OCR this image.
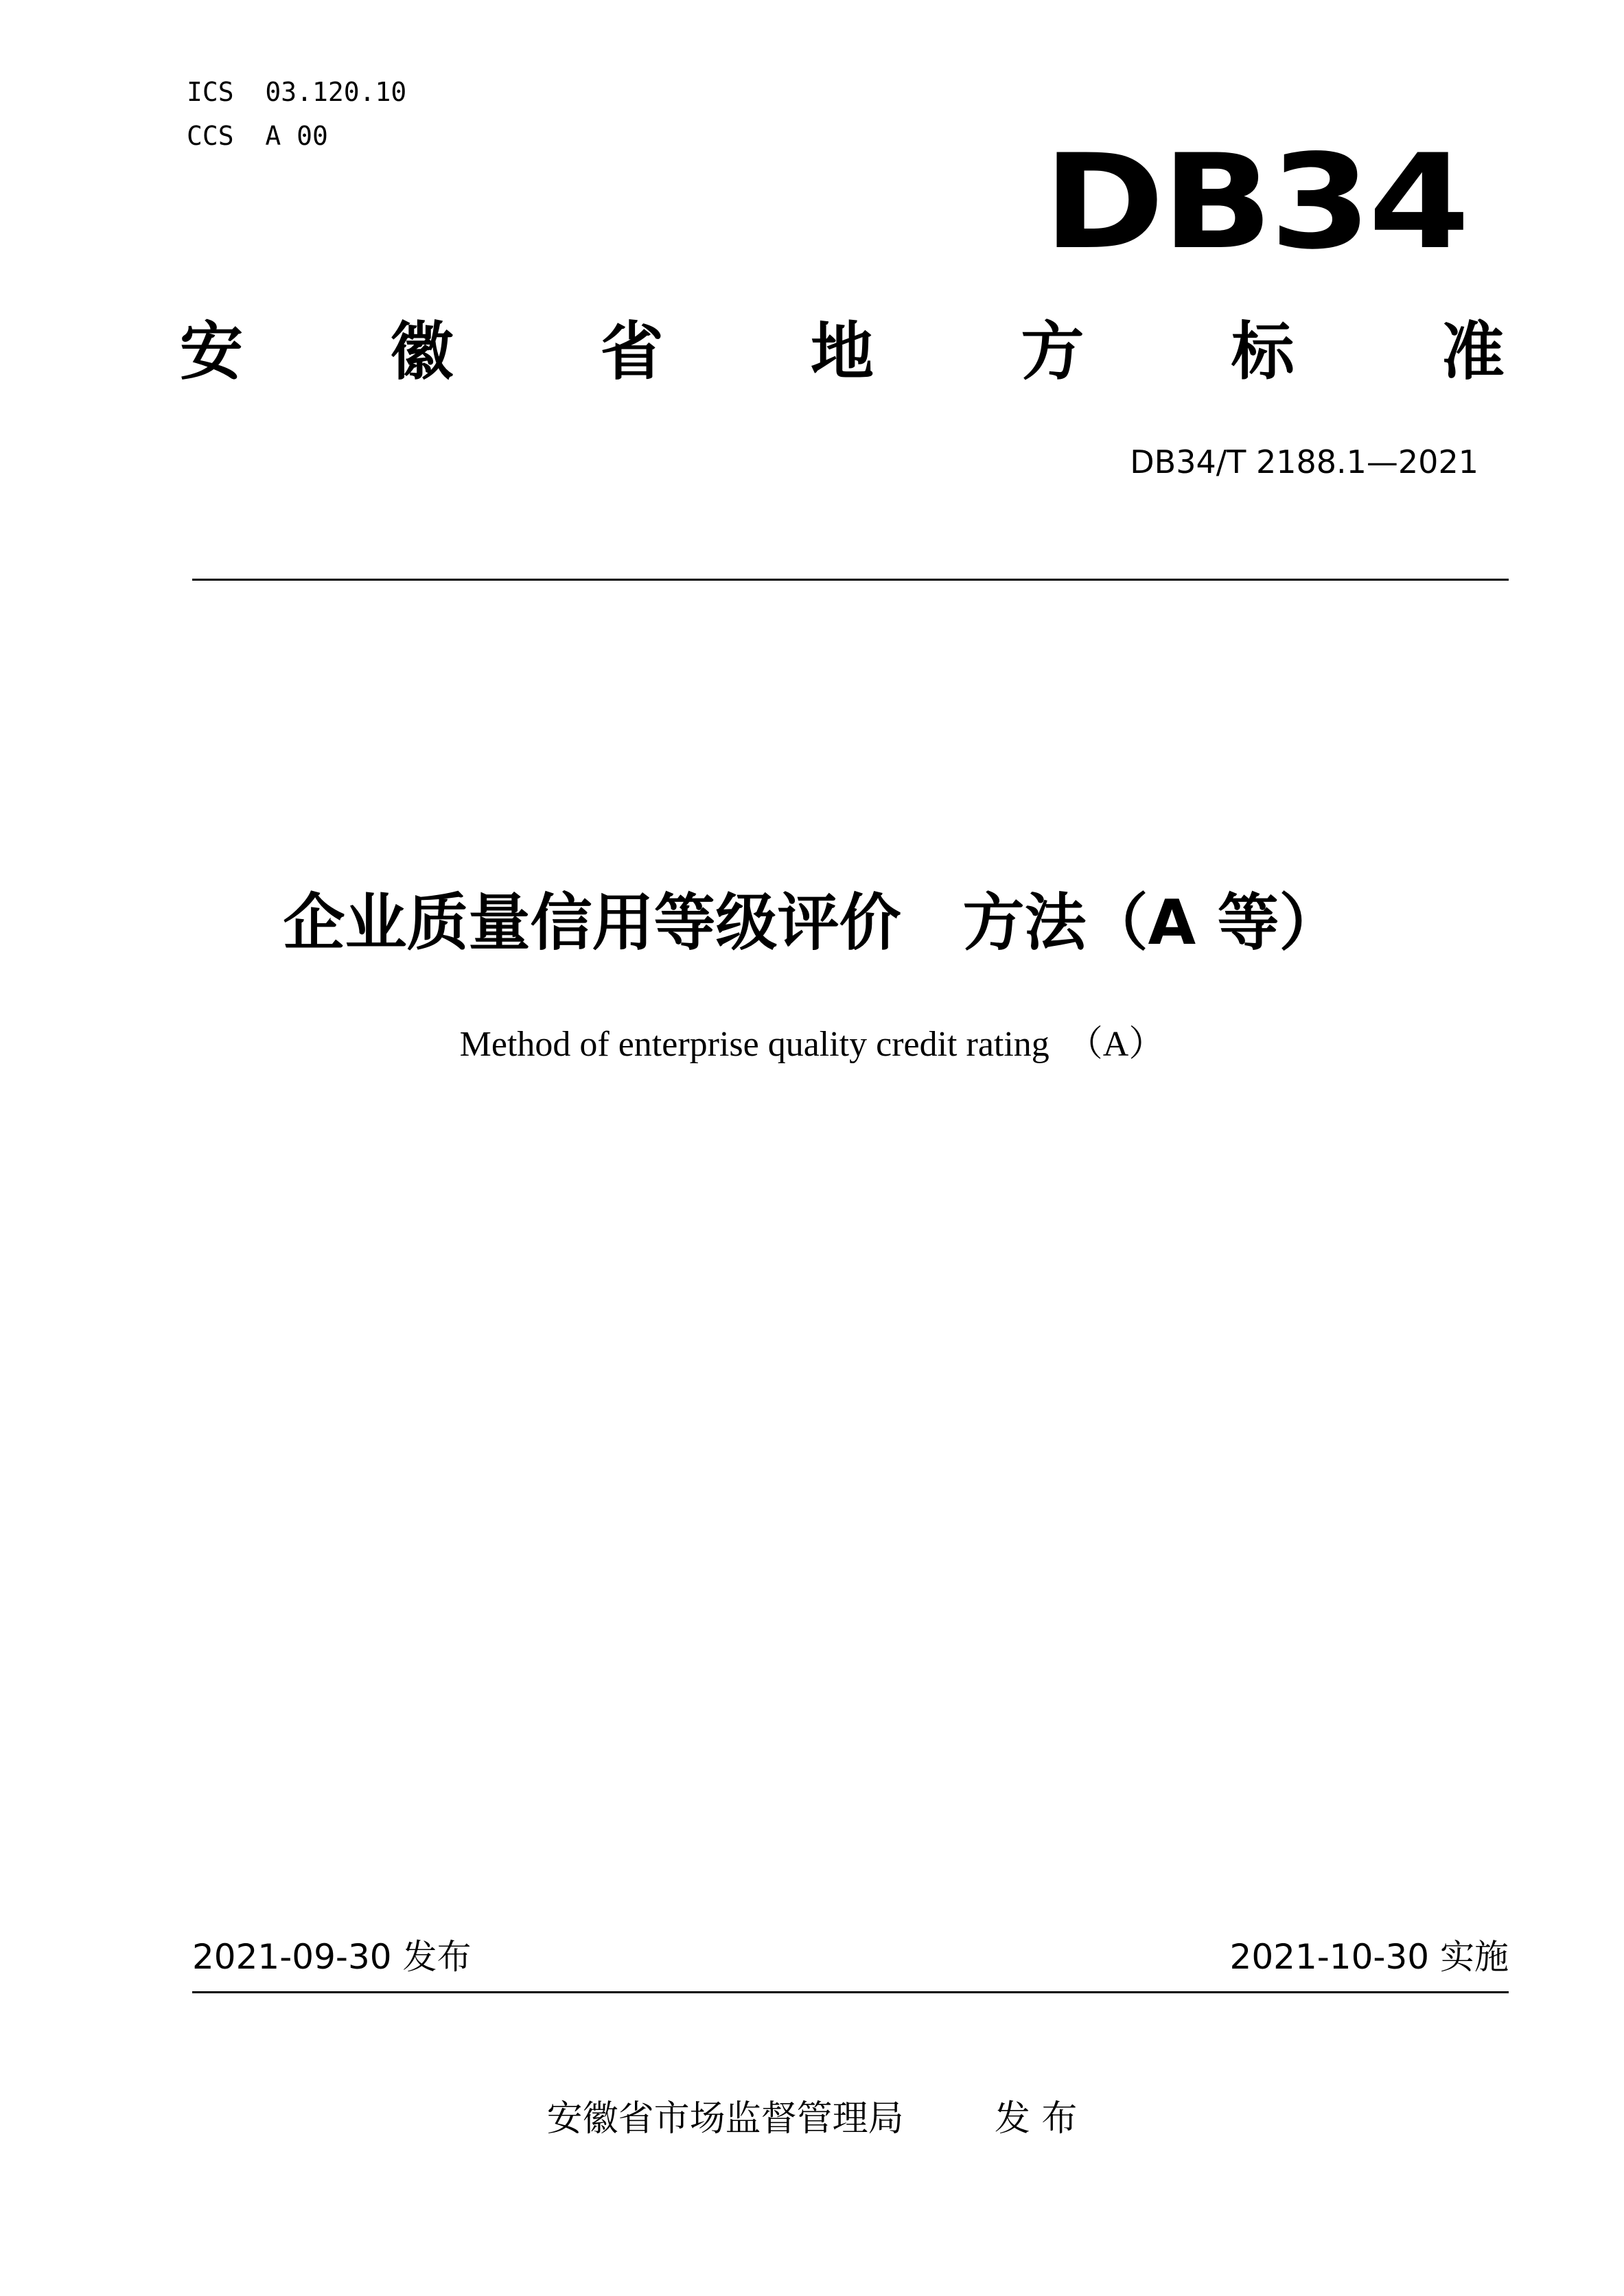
ICS  03.120.10
CCS  A 00	DB34
安 徽 省 地 方 标 准
DB34/T 2188.1—2021
企业质量信用等级评价　方法（A 等）
Method of enterprise quality credit rating　（A）
2021-09-30 发布	2021-10-30 实施
安徽省市场监督管理局	发 布
